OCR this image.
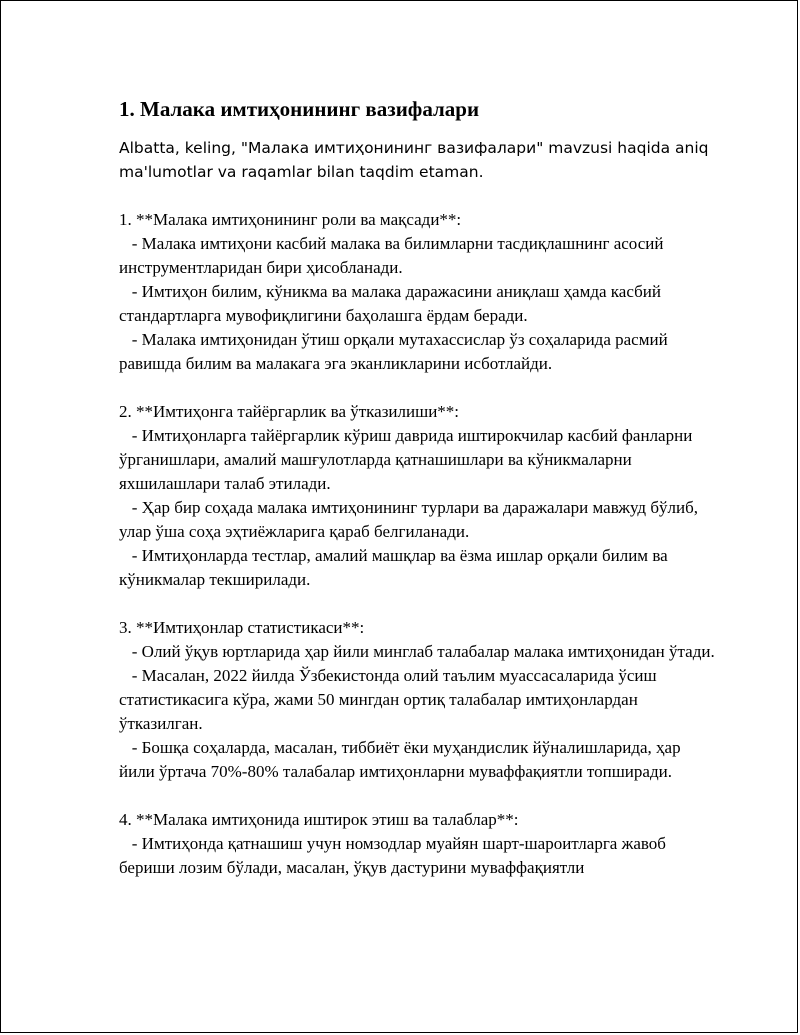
1. Малака имтиҳонининг вазифалари

Albatta, keling, "Малака имтиҳонининг вазифалари" mavzusi haqida aniq ma'lumotlar va raqamlar bilan taqdim etaman.

1. **Малака имтиҳонининг роли ва мақсади**:

- Малака имтиҳони касбий малака ва билимларни тасдиқлашнинг асосий инструментларидан бири ҳисобланади.

- Имтиҳон билим, кўникма ва малака даражасини аниқлаш ҳамда касбий стандартларга мувофиқлигини баҳолашга ёрдам беради.

- Малака имтиҳонидан ўтиш орқали мутахассислар ўз соҳаларида расмий равишда билим ва малакага эга эканликларини исботлайди.

2. **Имтиҳонга тайёргарлик ва ўтказилиши**:

- Имтиҳонларга тайёргарлик кўриш даврида иштирокчилар касбий фанларни ўрганишлари, амалий машғулотларда қатнашишлари ва кўникмаларни яхшилашлари талаб этилади.

- Ҳар бир соҳада малака имтиҳонининг турлари ва даражалари мавжуд бўлиб, улар ўша соҳа эҳтиёжларига қараб белгиланади.

- Имтиҳонларда тестлар, амалий машқлар ва ёзма ишлар орқали билим ва кўникмалар текширилади.

3. **Имтиҳонлар статистикаси**:

- Олий ўқув юртларида ҳар йили минглаб талабалар малака имтиҳонидан ўтади.

- Масалан, 2022 йилда Ўзбекистонда олий таълим муассасаларида ўсиш статистикасига кўра, жами 50 мингдан ортиқ талабалар имтиҳонлардан ўтказилган.

- Бошқа соҳаларда, масалан, тиббиёт ёки муҳандислик йўналишларида, ҳар йили ўртача 70%-80% талабалар имтиҳонларни муваффақиятли топширади.

4. **Малака имтиҳонида иштирок этиш ва талаблар**:

- Имтиҳонда қатнашиш учун номзодлар муайян шарт-шароитларга жавоб бериши лозим бўлади, масалан, ўқув дастурини муваффақиятли
